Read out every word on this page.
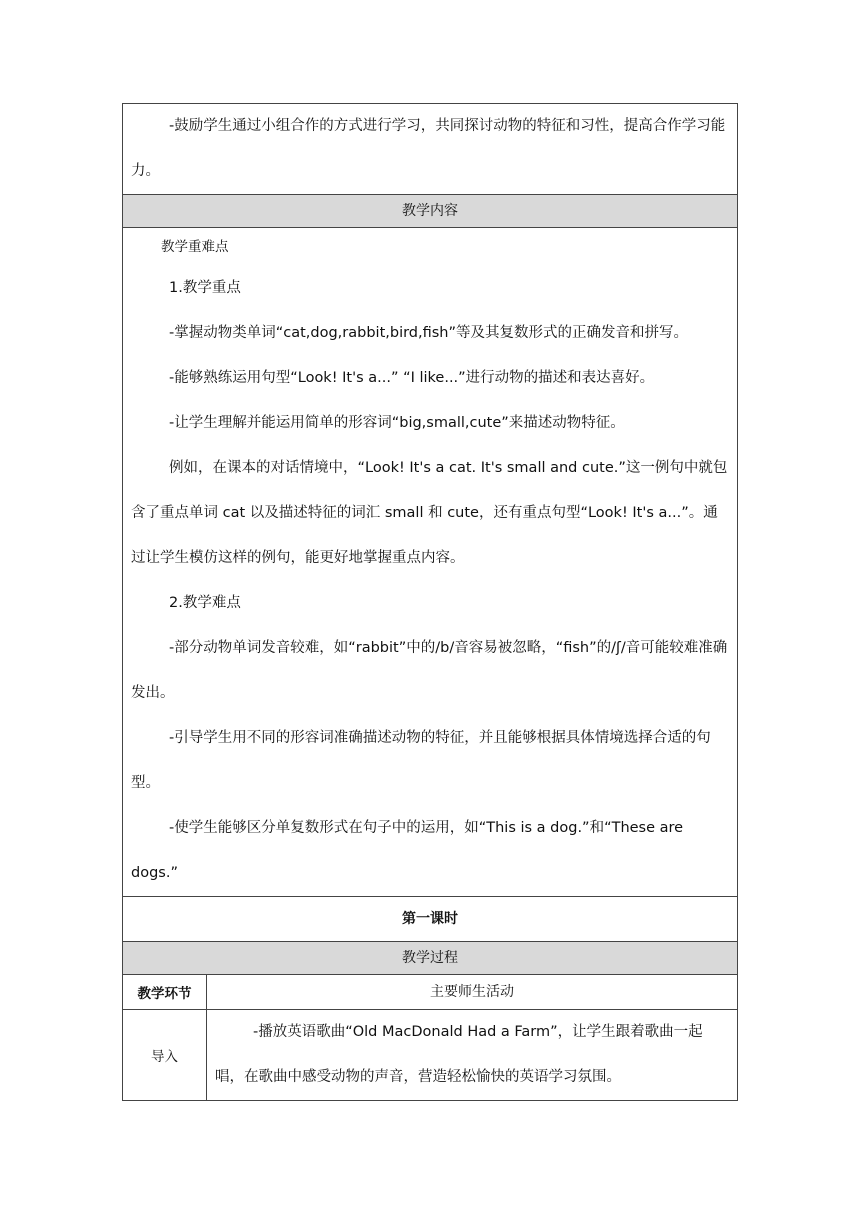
-鼓励学生通过小组合作的方式进行学习，共同探讨动物的特征和习性，提高合作学习能力。

教学内容

教学重难点

1.教学重点

-掌握动物类单词“cat,dog,rabbit,bird,fish”等及其复数形式的正确发音和拼写。

-能够熟练运用句型“Look! It's a...” “I like...”进行动物的描述和表达喜好。

-让学生理解并能运用简单的形容词“big,small,cute”来描述动物特征。

例如，在课本的对话情境中，“Look! It's a cat. It's small and cute.”这一例句中就包含了重点单词 cat 以及描述特征的词汇 small 和 cute，还有重点句型“Look! It's a...”。通过让学生模仿这样的例句，能更好地掌握重点内容。

2.教学难点

-部分动物单词发音较难，如“rabbit”中的/b/音容易被忽略，“fish”的/ʃ/音可能较难准确发出。

-引导学生用不同的形容词准确描述动物的特征，并且能够根据具体情境选择合适的句型。

-使学生能够区分单复数形式在句子中的运用，如“This is a dog.”和“These are dogs.”

第一课时
教学过程
教学环节	主要师生活动
导入

-播放英语歌曲“Old MacDonald Had a Farm”，让学生跟着歌曲一起唱，在歌曲中感受动物的声音，营造轻松愉快的英语学习氛围。
